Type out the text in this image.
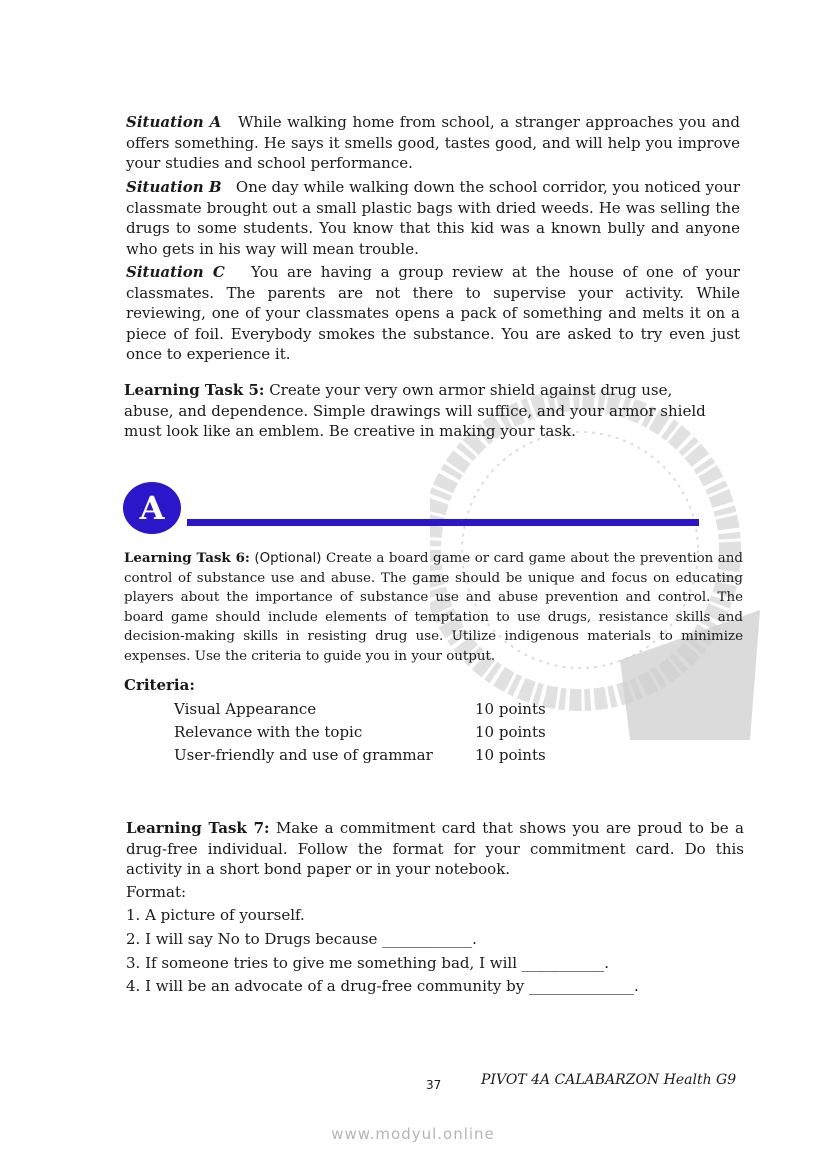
Situation A While walking home from school, a stranger approaches you and offers something. He says it smells good, tastes good, and will help you improve your studies and school performance.

Situation B One day while walking down the school corridor, you noticed your classmate brought out a small plastic bags with dried weeds. He was selling the drugs to some students. You know that this kid was a known bully and anyone who gets in his way will mean trouble.

Situation C You are having a group review at the house of one of your classmates. The parents are not there to supervise your activity. While reviewing, one of your classmates opens a pack of something and melts it on a piece of foil. Everybody smokes the substance. You are asked to try even just once to experience it.

Learning Task 5: Create your very own armor shield against drug use, abuse, and dependence. Simple drawings will suffice, and your armor shield must look like an emblem. Be creative in making your task.

A

Learning Task 6: (Optional) Create a board game or card game about the prevention and control of substance use and abuse. The game should be unique and focus on educating players about the importance of substance use and abuse prevention and control. The board game should include elements of temptation to use drugs, resistance skills and decision-making skills in resisting drug use. Utilize indigenous materials to minimize expenses. Use the criteria to guide you in your output.

Criteria:
Visual Appearance	10 points
Relevance with the topic	10 points
User-friendly and use of grammar	10 points

Learning Task 7: Make a commitment card that shows you are proud to be a drug-free individual. Follow the format for your commitment card. Do this activity in a short bond paper or in your notebook.

Format:
1. A picture of yourself.
2. I will say No to Drugs because ____________.
3. If someone tries to give me something bad, I will ___________.
4. I will be an advocate of a drug-free community by ______________.
37	PIVOT 4A CALABARZON Health G9
www.modyul.online
